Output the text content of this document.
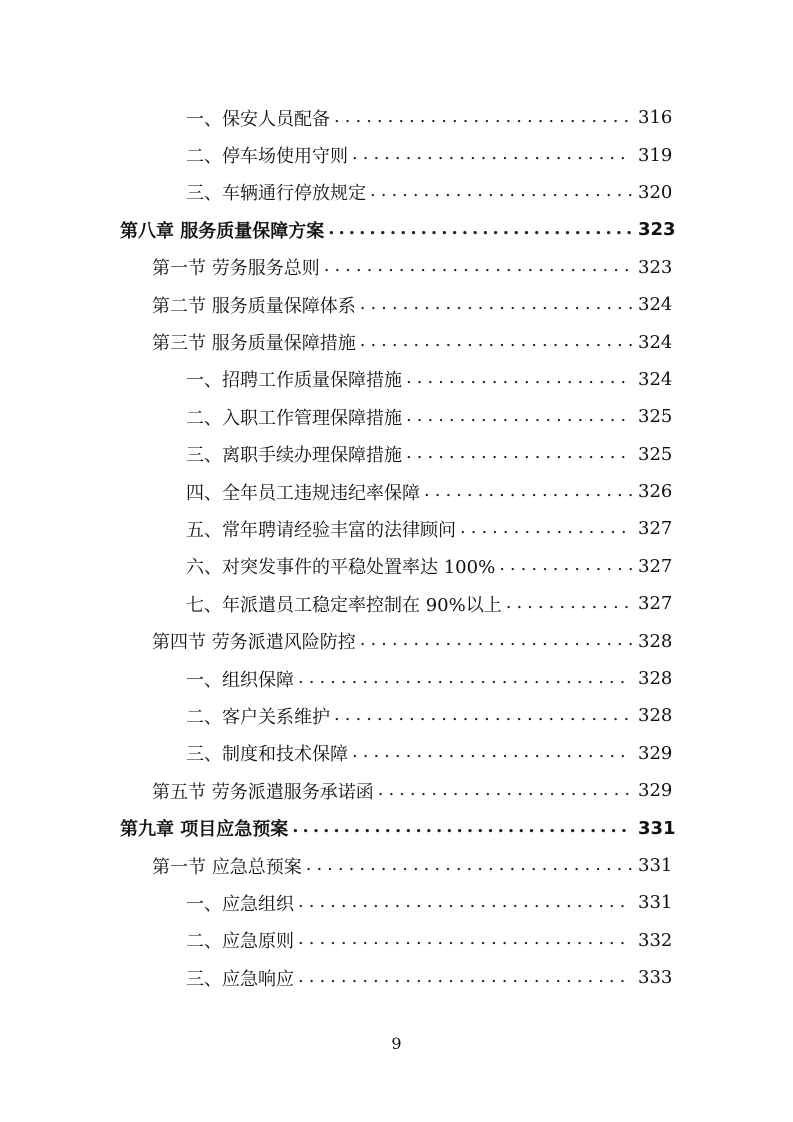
一、保安人员配备 .....	316
二、停车场使用守则 .....	319
三、车辆通行停放规定 .....	320
第八章 服务质量保障方案 .....	323
第一节 劳务服务总则 .....	323
第二节 服务质量保障体系 .....	324
第三节 服务质量保障措施 .....	324
一、招聘工作质量保障措施 .....	324
二、入职工作管理保障措施 .....	325
三、离职手续办理保障措施 .....	325
四、全年员工违规违纪率保障 .....	326
五、常年聘请经验丰富的法律顾问 .....	327
六、对突发事件的平稳处置率达 100% .....	327
七、年派遣员工稳定率控制在 90%以上 .....	327
第四节 劳务派遣风险防控 .....	328
一、组织保障 .....	328
二、客户关系维护 .....	328
三、制度和技术保障 .....	329
第五节 劳务派遣服务承诺函 .....	329
第九章 项目应急预案 .....	331
第一节 应急总预案 .....	331
一、应急组织 .....	331
二、应急原则 .....	332
三、应急响应 .....	333
9
